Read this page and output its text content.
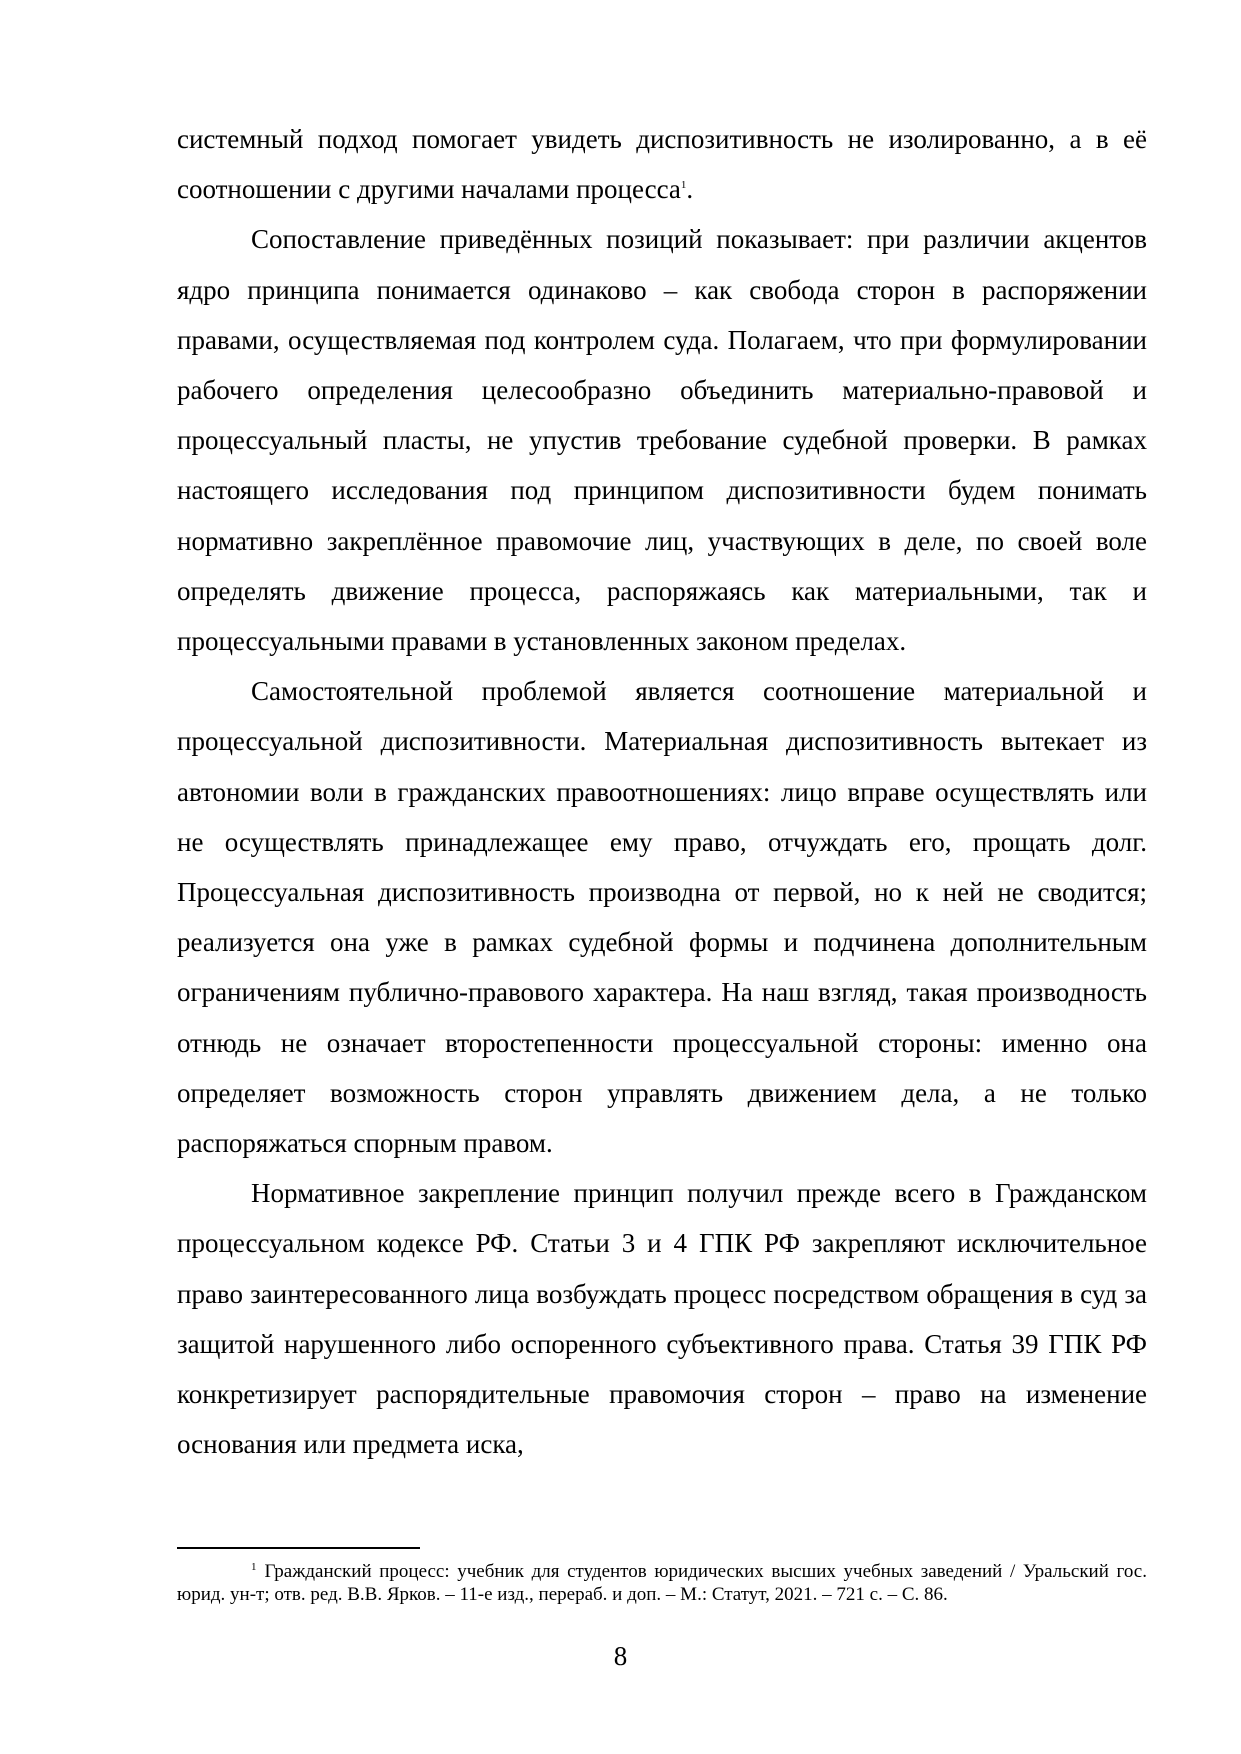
системный подход помогает увидеть диспозитивность не изолированно, а в её соотношении с другими началами процесса$^1$.

Сопоставление приведённых позиций показывает: при различии акцентов ядро принципа понимается одинаково – как свобода сторон в распоряжении правами, осуществляемая под контролем суда. Полагаем, что при формулировании рабочего определения целесообразно объединить материально-правовой и процессуальный пласты, не упустив требование судебной проверки. В рамках настоящего исследования под принципом диспозитивности будем понимать нормативно закреплённое правомочие лиц, участвующих в деле, по своей воле определять движение процесса, распоряжаясь как материальными, так и процессуальными правами в установленных законом пределах.

Самостоятельной проблемой является соотношение материальной и процессуальной диспозитивности. Материальная диспозитивность вытекает из автономии воли в гражданских правоотношениях: лицо вправе осуществлять или не осуществлять принадлежащее ему право, отчуждать его, прощать долг. Процессуальная диспозитивность производна от первой, но к ней не сводится; реализуется она уже в рамках судебной формы и подчинена дополнительным ограничениям публично-правового характера. На наш взгляд, такая производность отнюдь не означает второстепенности процессуальной стороны: именно она определяет возможность сторон управлять движением дела, а не только распоряжаться спорным правом.

Нормативное закрепление принцип получил прежде всего в Гражданском процессуальном кодексе РФ. Статьи 3 и 4 ГПК РФ закрепляют исключительное право заинтересованного лица возбуждать процесс посредством обращения в суд за защитой нарушенного либо оспоренного субъективного права. Статья 39 ГПК РФ конкретизирует распорядительные правомочия сторон – право на изменение основания или предмета иска,

$^1$ Гражданский процесс: учебник для студентов юридических высших учебных заведений / Уральский гос. юрид. ун-т; отв. ред. В.В. Ярков. – 11-е изд., перераб. и доп. – М.: Статут, 2021. – 721 с. – С. 86.
8
